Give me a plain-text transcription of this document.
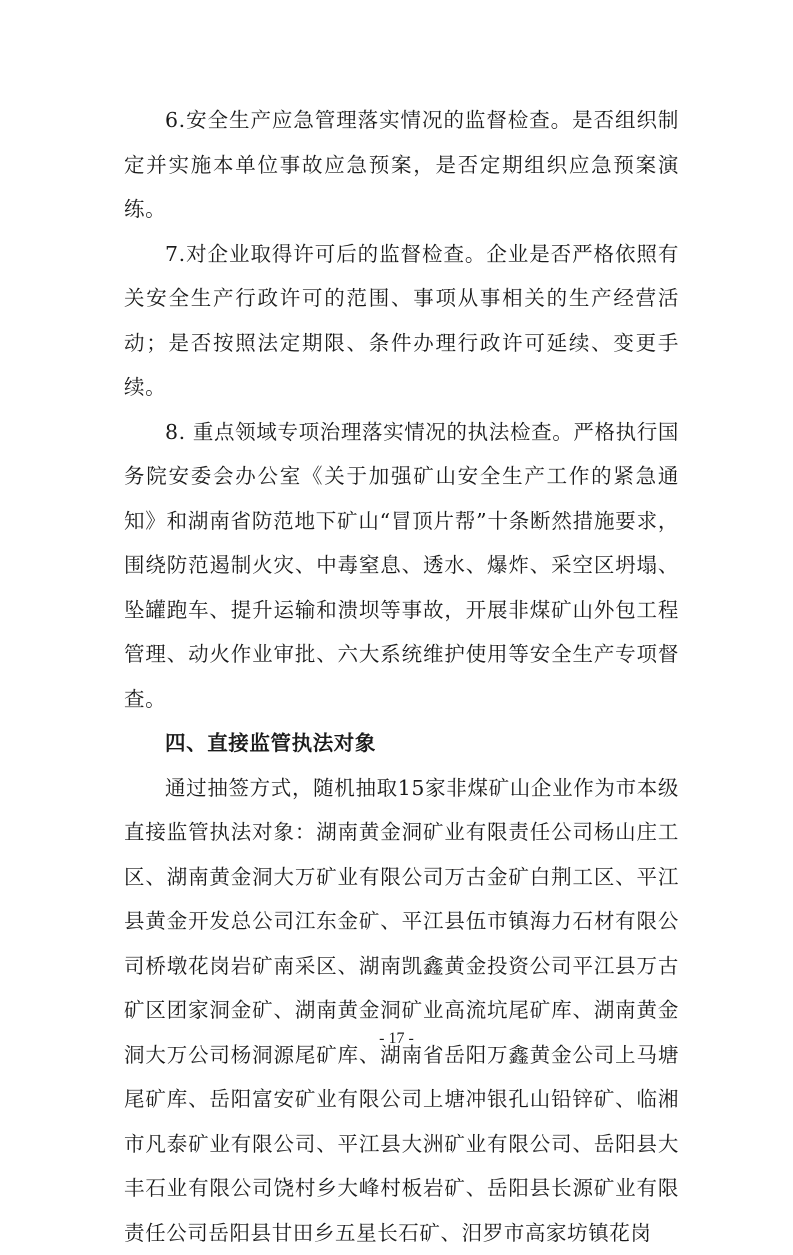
6.安全生产应急管理落实情况的监督检查。是否组织制定并实施本单位事故应急预案，是否定期组织应急预案演练。

7.对企业取得许可后的监督检查。企业是否严格依照有关安全生产行政许可的范围、事项从事相关的生产经营活动；是否按照法定期限、条件办理行政许可延续、变更手续。

8. 重点领域专项治理落实情况的执法检查。严格执行国务院安委会办公室《关于加强矿山安全生产工作的紧急通知》和湖南省防范地下矿山“冒顶片帮”十条断然措施要求，围绕防范遏制火灾、中毒窒息、透水、爆炸、采空区坍塌、坠罐跑车、提升运输和溃坝等事故，开展非煤矿山外包工程管理、动火作业审批、六大系统维护使用等安全生产专项督查。

四、直接监管执法对象

通过抽签方式，随机抽取15家非煤矿山企业作为市本级直接监管执法对象：湖南黄金洞矿业有限责任公司杨山庄工区、湖南黄金洞大万矿业有限公司万古金矿白荆工区、平江县黄金开发总公司江东金矿、平江县伍市镇海力石材有限公司桥墩花岗岩矿南采区、湖南凯鑫黄金投资公司平江县万古矿区团家洞金矿、湖南黄金洞矿业高流坑尾矿库、湖南黄金洞大万公司杨洞源尾矿库、湖南省岳阳万鑫黄金公司上马塘尾矿库、岳阳富安矿业有限公司上塘冲银孔山铅锌矿、临湘市凡泰矿业有限公司、平江县大洲矿业有限公司、岳阳县大丰石业有限公司饶村乡大峰村板岩矿、岳阳县长源矿业有限责任公司岳阳县甘田乡五星长石矿、汨罗市高家坊镇花岗

- 17 -
